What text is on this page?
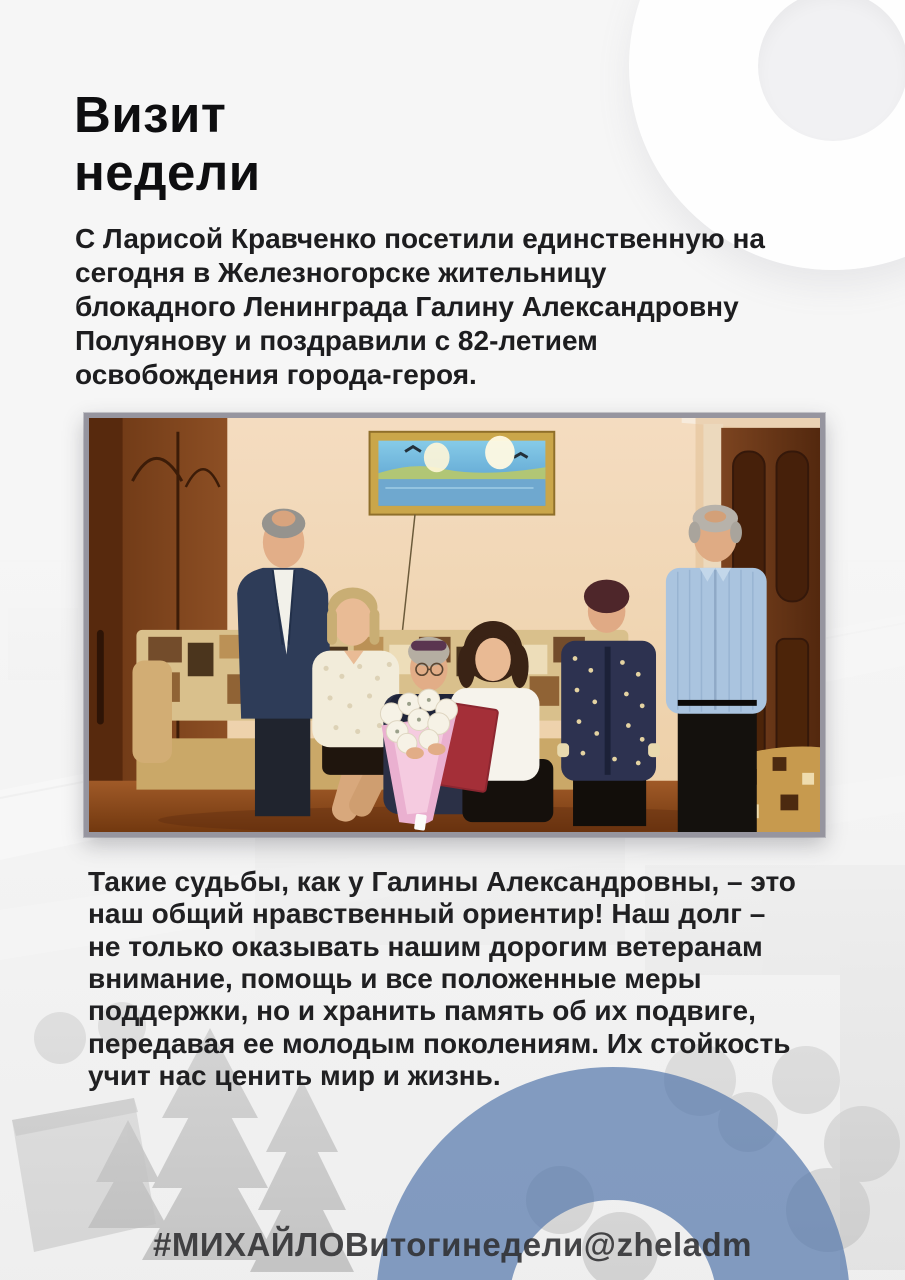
Визит
недели

С Ларисой Кравченко посетили единственную на
сегодня в Железногорске жительницу
блокадного Ленинграда Галину Александровну
Полуянову и поздравили с 82-летием
освобождения города-героя.

Такие судьбы, как у Галины Александровны, – это
наш общий нравственный ориентир! Наш долг –
не только оказывать нашим дорогим ветеранам
внимание, помощь и все положенные меры
поддержки, но и хранить память об их подвиге,
передавая ее молодым поколениям. Их стойкость
учит нас ценить мир и жизнь.

#МИХАЙЛОВитогинедели@zheladm
